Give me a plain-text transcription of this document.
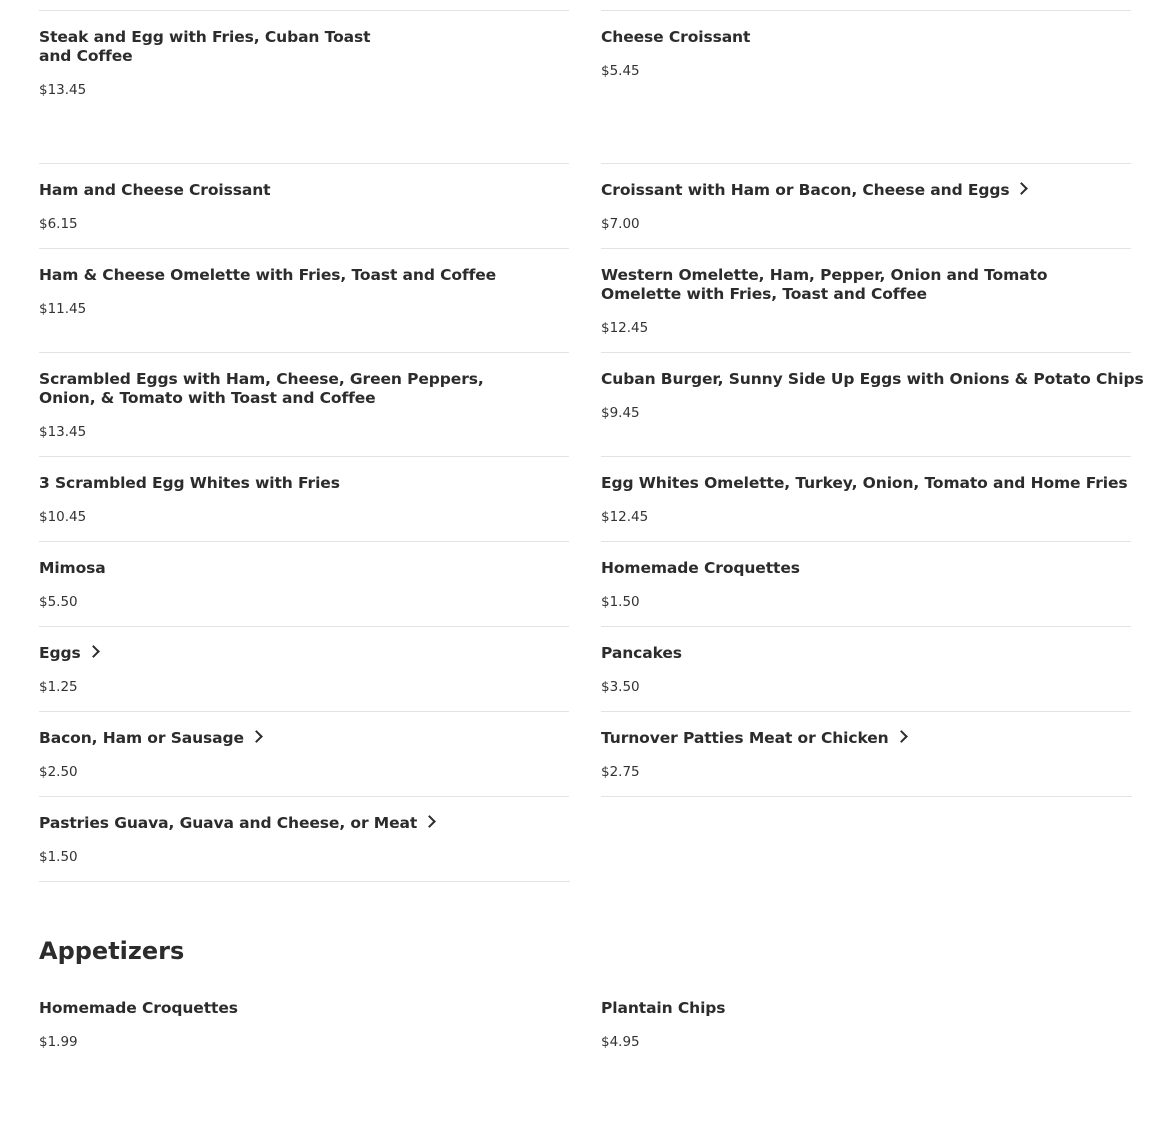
Steak and Egg with Fries, Cuban Toast and Coffee
$13.45
Ham and Cheese Croissant
$6.15
Ham & Cheese Omelette with Fries, Toast and Coffee
$11.45
Scrambled Eggs with Ham, Cheese, Green Peppers, Onion, & Tomato with Toast and Coffee
$13.45
3 Scrambled Egg Whites with Fries
$10.45
Mimosa
$5.50
Eggs
$1.25
Bacon, Ham or Sausage
$2.50
Pastries Guava, Guava and Cheese, or Meat
$1.50
Cheese Croissant
$5.45
Croissant with Ham or Bacon, Cheese and Eggs
$7.00
Western Omelette, Ham, Pepper, Onion and Tomato Omelette with Fries, Toast and Coffee
$12.45
Cuban Burger, Sunny Side Up Eggs with Onions & Potato Chips
$9.45
Egg Whites Omelette, Turkey, Onion, Tomato and Home Fries
$12.45
Homemade Croquettes
$1.50
Pancakes
$3.50
Turnover Patties Meat or Chicken
$2.75
Appetizers
Homemade Croquettes
$1.99
Plantain Chips
$4.95
